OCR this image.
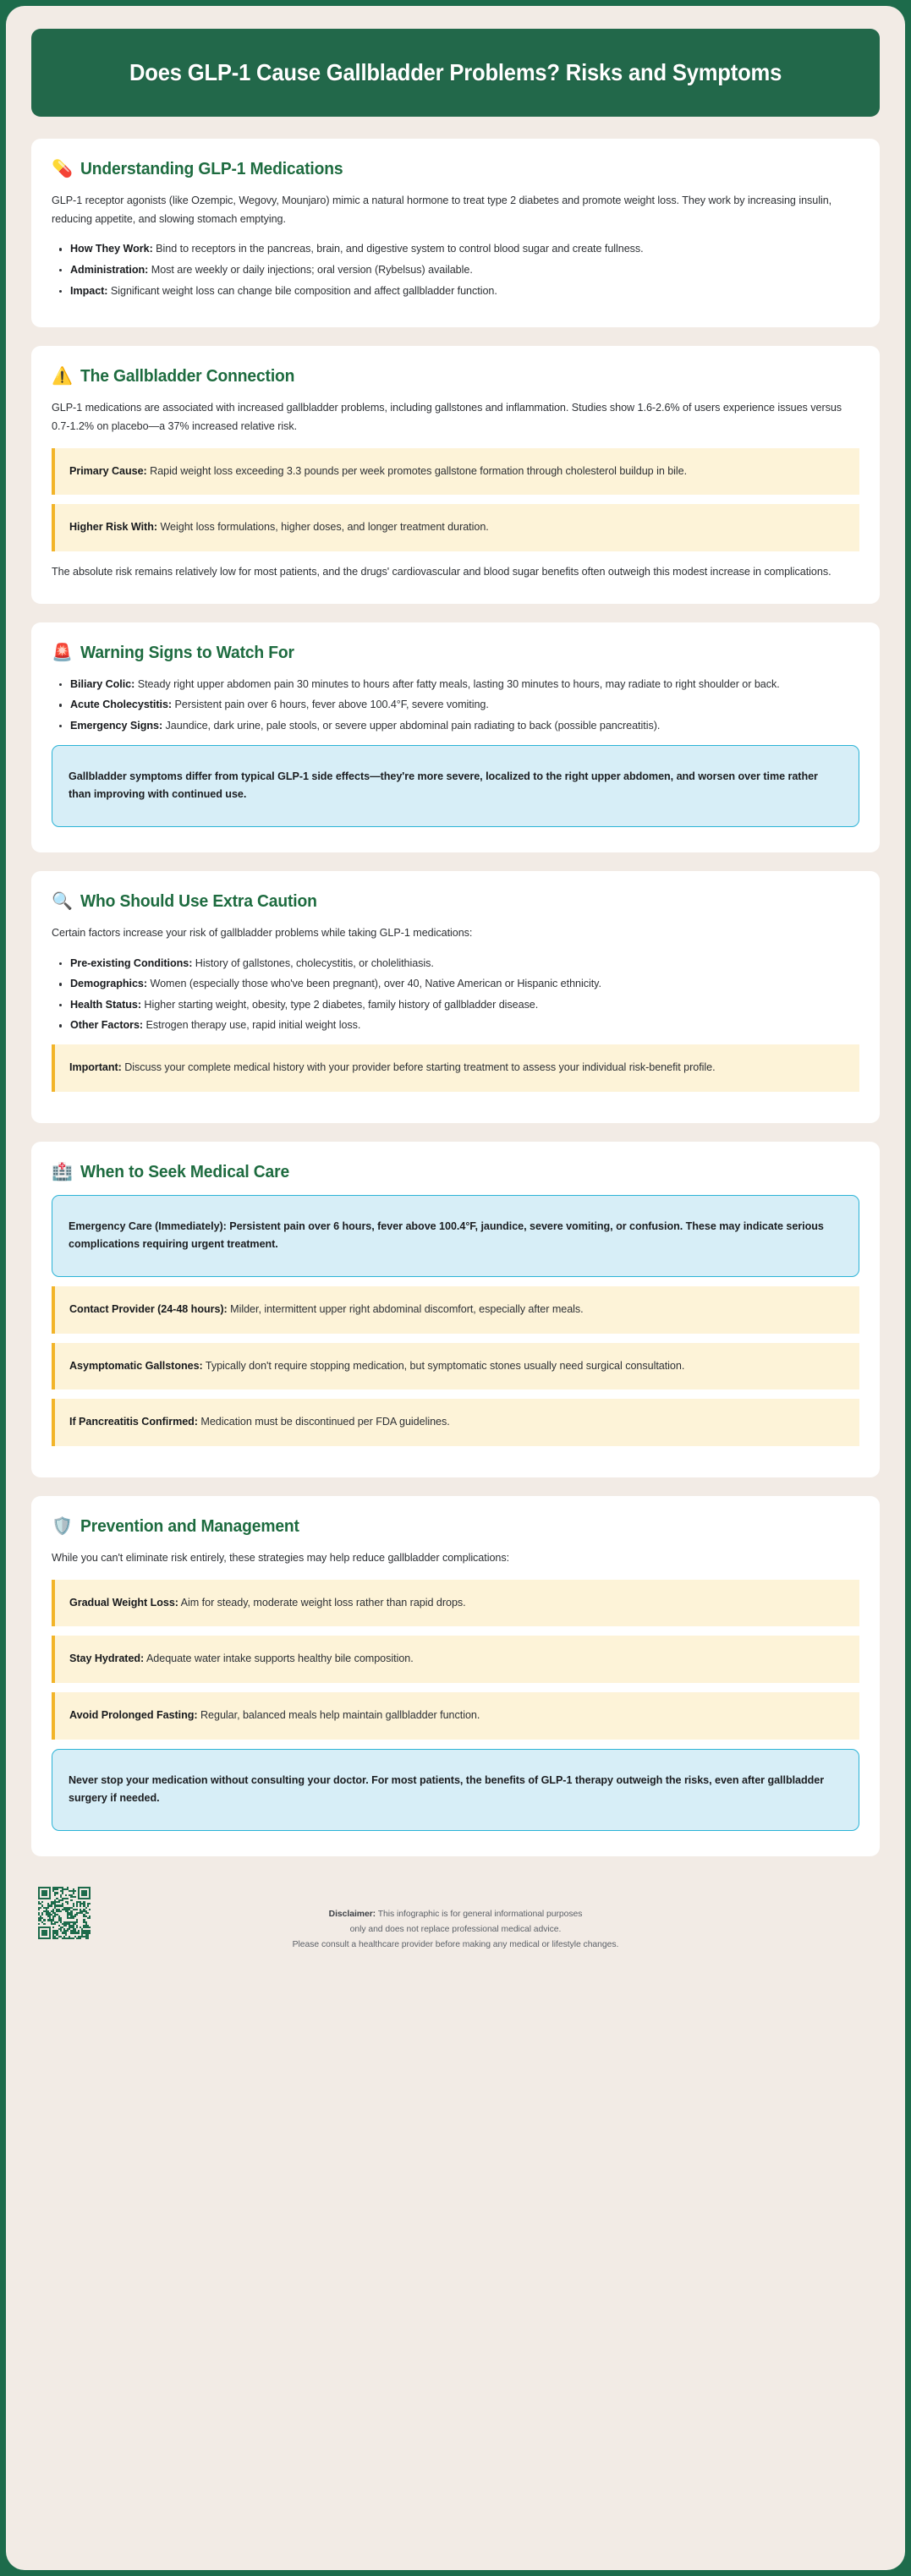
Does GLP-1 Cause Gallbladder Problems? Risks and Symptoms
💊 Understanding GLP-1 Medications

GLP-1 receptor agonists (like Ozempic, Wegovy, Mounjaro) mimic a natural hormone to treat type 2 diabetes and promote weight loss. They work by increasing insulin, reducing appetite, and slowing stomach emptying.

How They Work: Bind to receptors in the pancreas, brain, and digestive system to control blood sugar and create fullness.
Administration: Most are weekly or daily injections; oral version (Rybelsus) available.
Impact: Significant weight loss can change bile composition and affect gallbladder function.
⚠️ The Gallbladder Connection

GLP-1 medications are associated with increased gallbladder problems, including gallstones and inflammation. Studies show 1.6-2.6% of users experience issues versus 0.7-1.2% on placebo—a 37% increased relative risk.

Primary Cause: Rapid weight loss exceeding 3.3 pounds per week promotes gallstone formation through cholesterol buildup in bile.
Higher Risk With: Weight loss formulations, higher doses, and longer treatment duration.

The absolute risk remains relatively low for most patients, and the drugs' cardiovascular and blood sugar benefits often outweigh this modest increase in complications.

🚨 Warning Signs to Watch For
Biliary Colic: Steady right upper abdomen pain 30 minutes to hours after fatty meals, lasting 30 minutes to hours, may radiate to right shoulder or back.
Acute Cholecystitis: Persistent pain over 6 hours, fever above 100.4°F, severe vomiting.
Emergency Signs: Jaundice, dark urine, pale stools, or severe upper abdominal pain radiating to back (possible pancreatitis).
Gallbladder symptoms differ from typical GLP-1 side effects—they're more severe, localized to the right upper abdomen, and worsen over time rather than improving with continued use.
🔍 Who Should Use Extra Caution

Certain factors increase your risk of gallbladder problems while taking GLP-1 medications:

Pre-existing Conditions: History of gallstones, cholecystitis, or cholelithiasis.
Demographics: Women (especially those who've been pregnant), over 40, Native American or Hispanic ethnicity.
Health Status: Higher starting weight, obesity, type 2 diabetes, family history of gallbladder disease.
Other Factors: Estrogen therapy use, rapid initial weight loss.
Important: Discuss your complete medical history with your provider before starting treatment to assess your individual risk-benefit profile.
🏥 When to Seek Medical Care
Emergency Care (Immediately): Persistent pain over 6 hours, fever above 100.4°F, jaundice, severe vomiting, or confusion. These may indicate serious complications requiring urgent treatment.
Contact Provider (24-48 hours): Milder, intermittent upper right abdominal discomfort, especially after meals.
Asymptomatic Gallstones: Typically don't require stopping medication, but symptomatic stones usually need surgical consultation.
If Pancreatitis Confirmed: Medication must be discontinued per FDA guidelines.
🛡️ Prevention and Management

While you can't eliminate risk entirely, these strategies may help reduce gallbladder complications:

Gradual Weight Loss: Aim for steady, moderate weight loss rather than rapid drops.
Stay Hydrated: Adequate water intake supports healthy bile composition.
Avoid Prolonged Fasting: Regular, balanced meals help maintain gallbladder function.
Never stop your medication without consulting your doctor. For most patients, the benefits of GLP-1 therapy outweigh the risks, even after gallbladder surgery if needed.
Disclaimer: This infographic is for general informational purposes
only and does not replace professional medical advice.
Please consult a healthcare provider before making any medical or lifestyle changes.
